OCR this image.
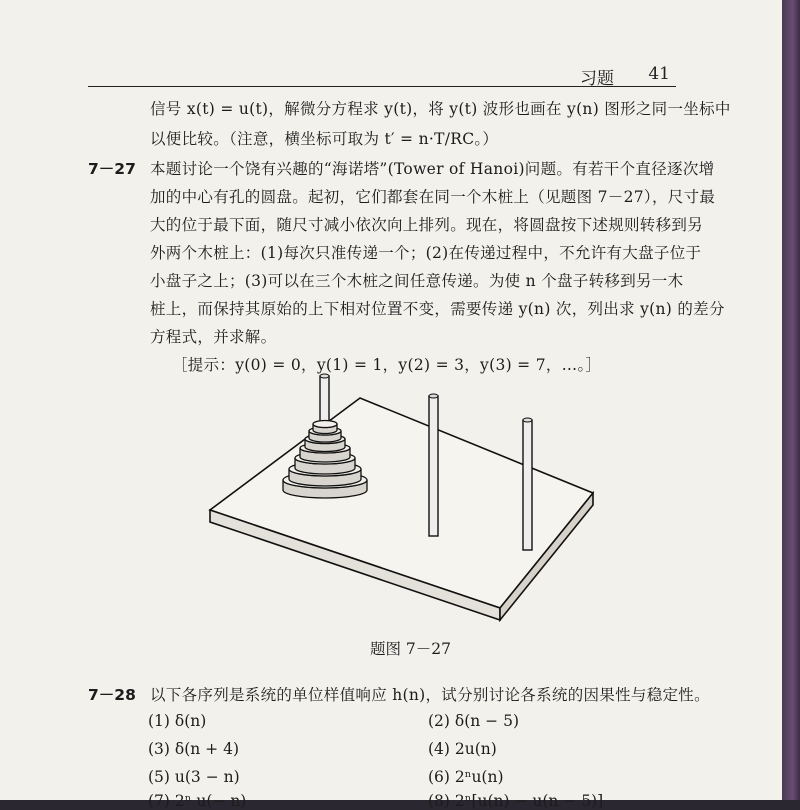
习题 41
信号 x(t) = u(t)，解微分方程求 y(t)，将 y(t) 波形也画在 y(n) 图形之同一坐标中
以便比较。（注意，横坐标可取为 t′ = n·T/RC。）
7－27 本题讨论一个饶有兴趣的“海诺塔”(Tower of Hanoi)问题。有若干个直径逐次增
加的中心有孔的圆盘。起初，它们都套在同一个木桩上（见题图 7－27），尺寸最
大的位于最下面，随尺寸减小依次向上排列。现在，将圆盘按下述规则转移到另
外两个木桩上：(1)每次只准传递一个；(2)在传递过程中，不允许有大盘子位于
小盘子之上；(3)可以在三个木桩之间任意传递。为使 n 个盘子转移到另一木
桩上，而保持其原始的上下相对位置不变，需要传递 y(n) 次，列出求 y(n) 的差分
方程式，并求解。
［提示：y(0) = 0，y(1) = 1，y(2) = 3，y(3) = 7，…。］
题图 7－27
7－28 以下各序列是系统的单位样值响应 h(n)，试分别讨论各系统的因果性与稳定性。
(1) δ(n)
(3) δ(n + 4)
(5) u(3 − n)
(7) 2ⁿ u(− n)
(2) δ(n − 5)
(4) 2u(n)
(6) 2ⁿu(n)
(8) 2ⁿ[u(n) − u(n − 5)]
